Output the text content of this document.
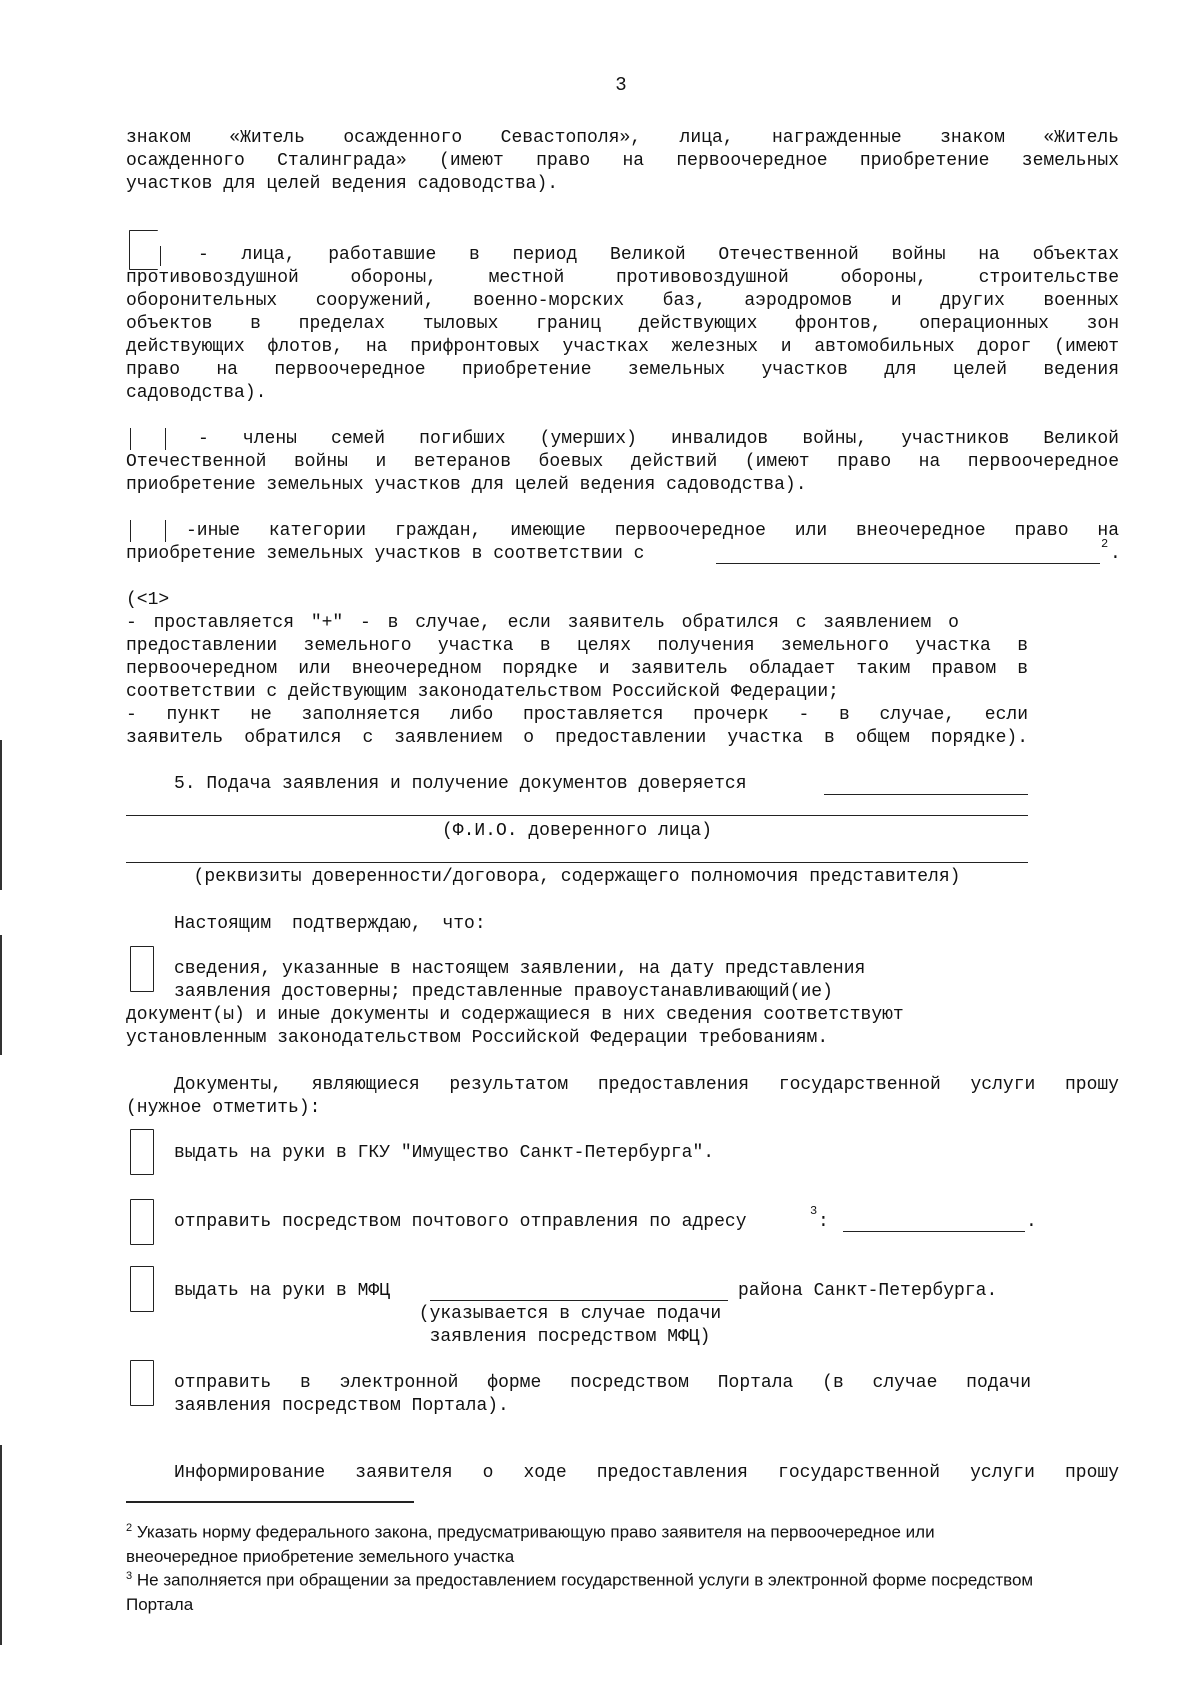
3
знаком «Житель осажденного Севастополя», лица, награжденные знаком «Житель
осажденного Сталинграда» (имеют право на первоочередное приобретение земельных
участков для целей ведения садоводства).
- лица, работавшие в период Великой Отечественной войны на объектах
противовоздушной обороны, местной противовоздушной обороны, строительстве
оборонительных сооружений, военно-морских баз, аэродромов и других военных
объектов в пределах тыловых границ действующих фронтов, операционных зон
действующих флотов, на прифронтовых участках железных и автомобильных дорог (имеют
право на первоочередное приобретение земельных участков для целей ведения
садоводства).
- члены семей погибших (умерших) инвалидов войны, участников Великой
Отечественной войны и ветеранов боевых действий (имеют право на первоочередное
приобретение земельных участков для целей ведения садоводства).
-иные категории граждан, имеющие первоочередное или внеочередное право на
приобретение земельных участков в соответствии с	2 .
(<1>
- проставляется "+" - в случае, если заявитель обратился с заявлением о
предоставлении земельного участка в целях получения земельного участка в
первоочередном или внеочередном порядке и заявитель обладает таким правом в
соответствии с действующим законодательством Российской Федерации;
- пункт не заполняется либо проставляется прочерк - в случае, если
заявитель обратился с заявлением о предоставлении участка в общем порядке).
5. Подача заявления и получение документов доверяется
(Ф.И.О. доверенного лица)
(реквизиты доверенности/договора, содержащего полномочия представителя)
Настоящим подтверждаю, что:
сведения, указанные в настоящем заявлении, на дату представления
заявления достоверны; представленные правоустанавливающий(ие)
документ(ы) и иные документы и содержащиеся в них сведения соответствуют
установленным законодательством Российской Федерации требованиям.
Документы, являющиеся результатом предоставления государственной услуги прошу
(нужное отметить):
выдать на руки в ГКУ "Имущество Санкт-Петербурга".
отправить посредством почтового отправления по адресу
3
:	.
выдать на руки в МФЦ	района Санкт-Петербурга.
(указывается в случае подачи
заявления посредством МФЦ)
отправить в электронной форме посредством Портала (в случае подачи
заявления посредством Портала).
Информирование заявителя о ходе предоставления государственной услуги прошу
$^2$ Указать норму федерального закона, предусматривающую право заявителя на первоочередное или
внеочередное приобретение земельного участка
$^3$ Не заполняется при обращении за предоставлением государственной услуги в электронной форме посредством
Портала
